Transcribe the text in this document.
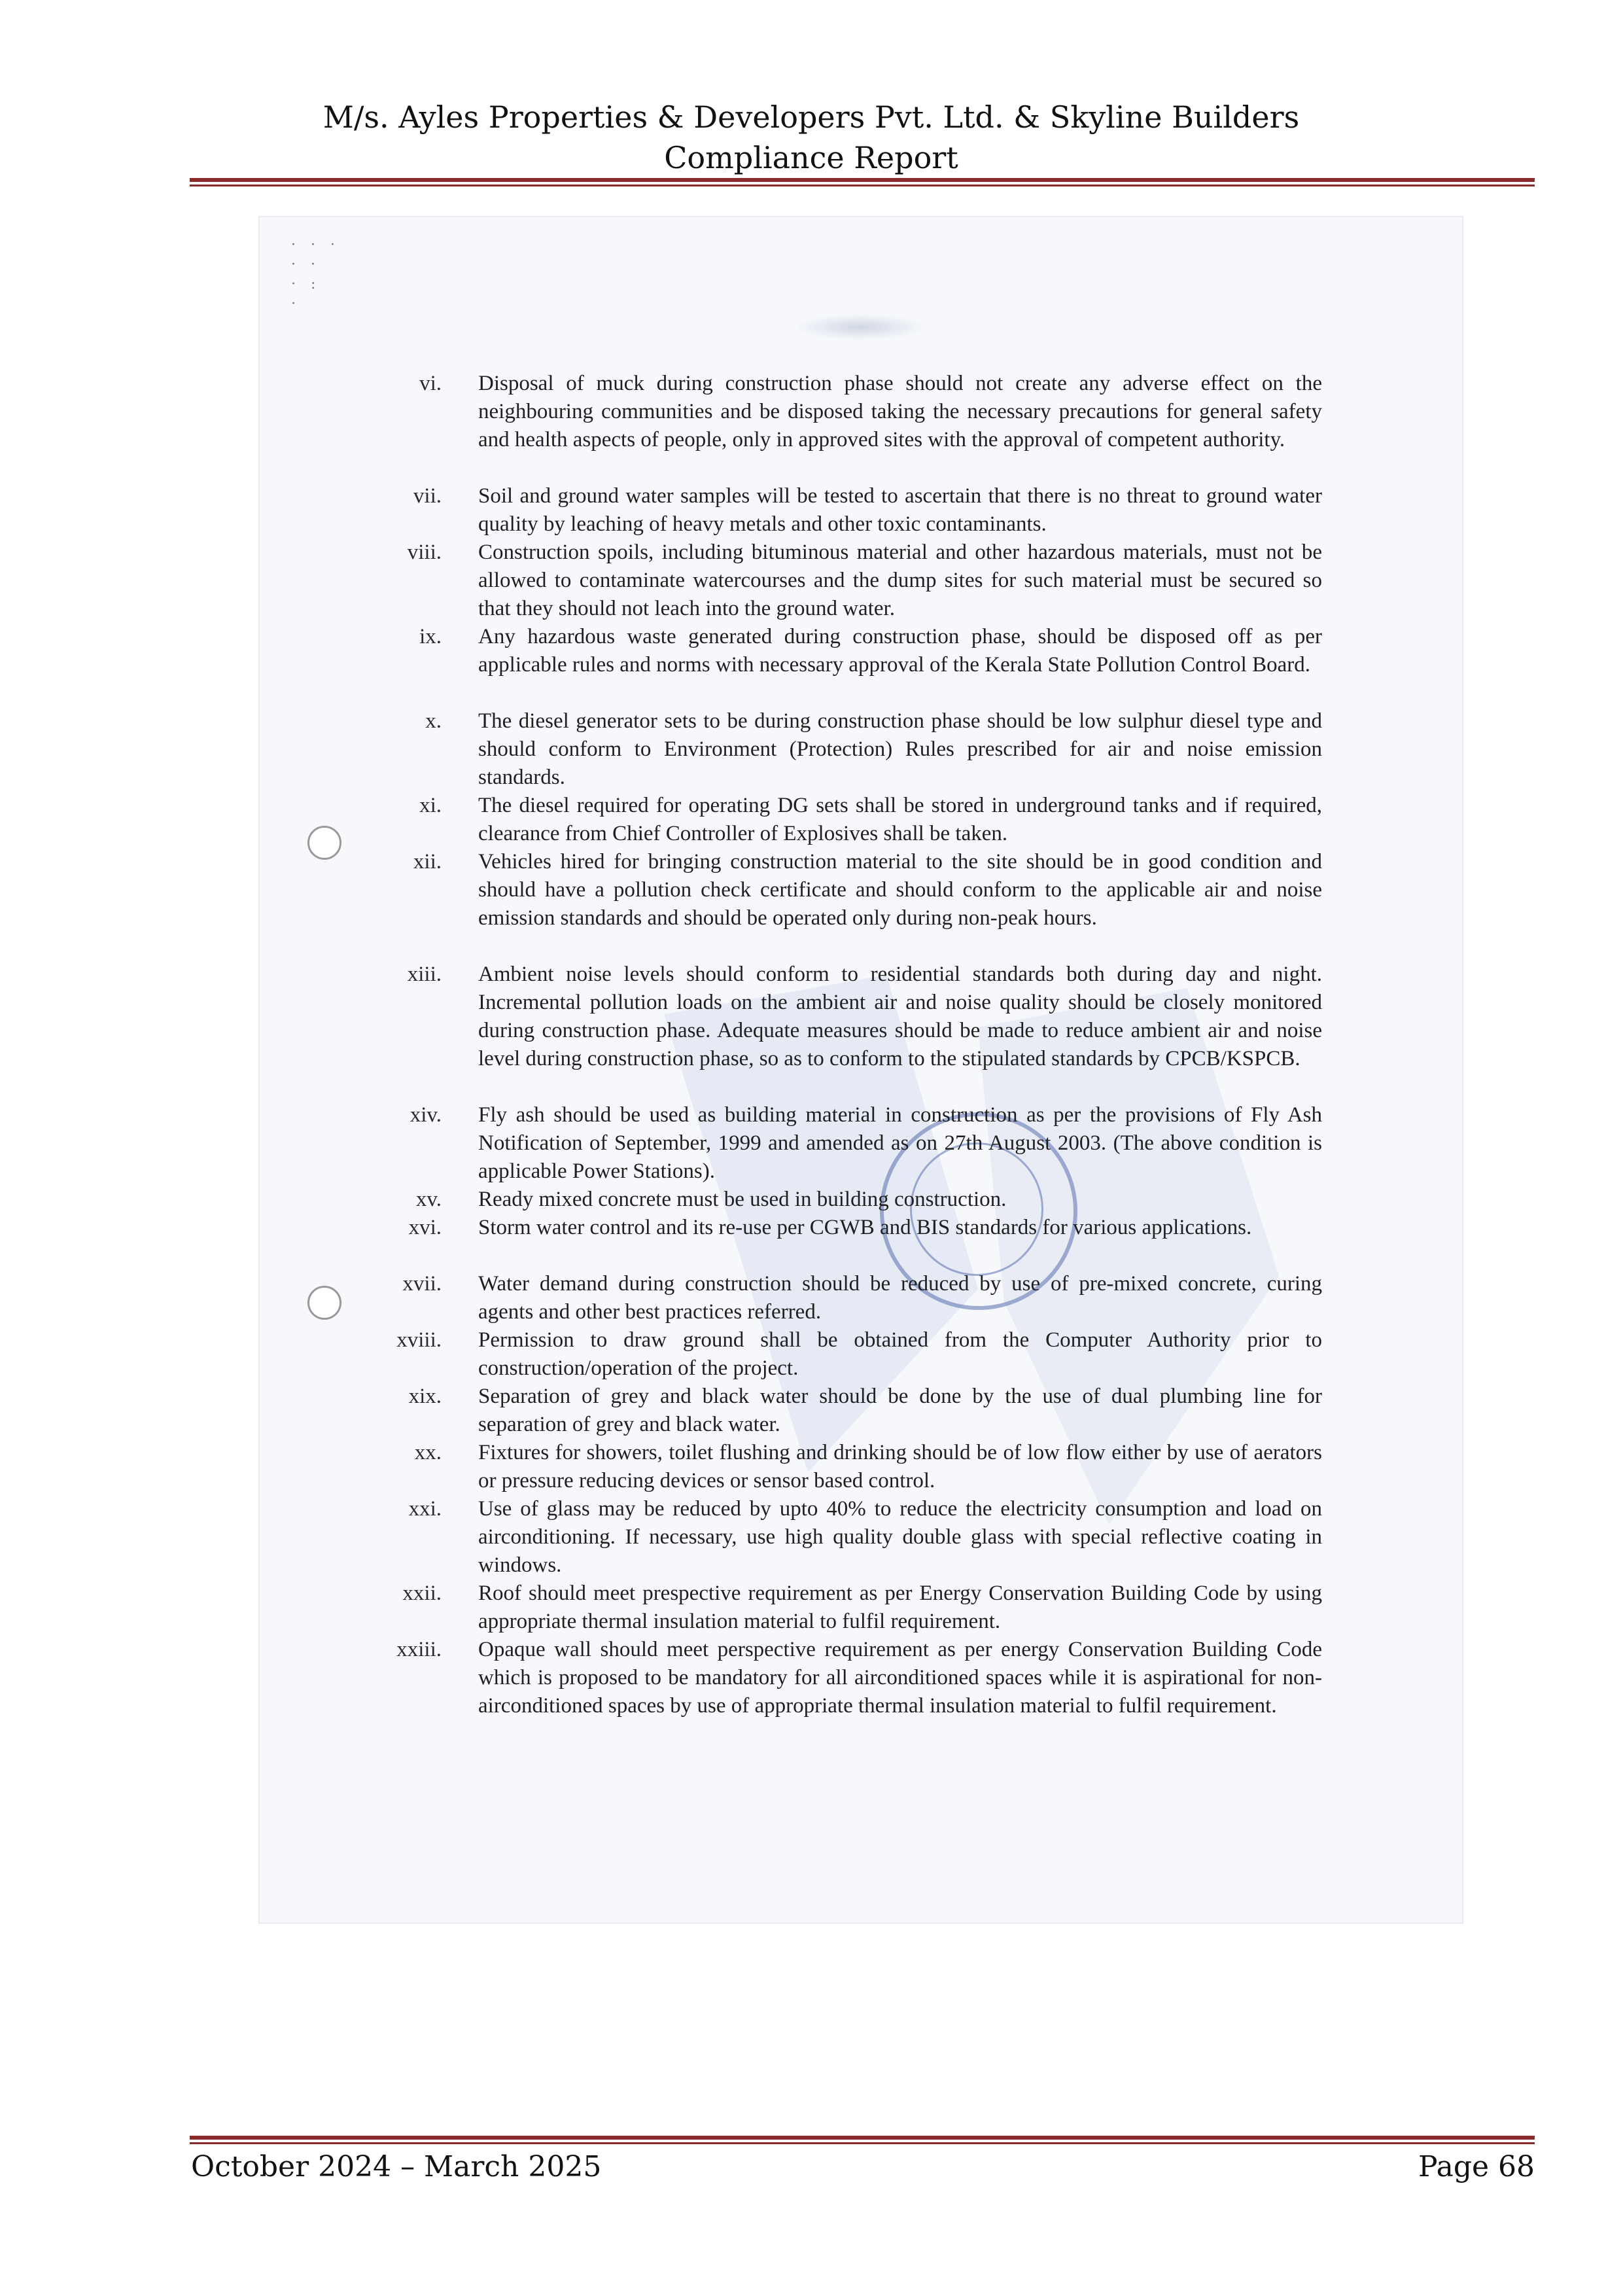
M/s. Ayles Properties & Developers Pvt. Ltd. & Skyline Builders
Compliance Report
· · ·
· ·
· :
·
vi. Disposal of muck during construction phase should not create any adverse effect on the neighbouring communities and be disposed taking the necessary precautions for general safety and health aspects of people, only in approved sites with the approval of competent authority.
vii. Soil and ground water samples will be tested to ascertain that there is no threat to ground water quality by leaching of heavy metals and other toxic contaminants.
viii. Construction spoils, including bituminous material and other hazardous materials, must not be allowed to contaminate watercourses and the dump sites for such material must be secured so that they should not leach into the ground water.
ix. Any hazardous waste generated during construction phase, should be disposed off as per applicable rules and norms with necessary approval of the Kerala State Pollution Control Board.
x. The diesel generator sets to be during construction phase should be low sulphur diesel type and should conform to Environment (Protection) Rules prescribed for air and noise emission standards.
xi. The diesel required for operating DG sets shall be stored in underground tanks and if required, clearance from Chief Controller of Explosives shall be taken.
xii. Vehicles hired for bringing construction material to the site should be in good condition and should have a pollution check certificate and should conform to the applicable air and noise emission standards and should be operated only during non-peak hours.
xiii. Ambient noise levels should conform to residential standards both during day and night. Incremental pollution loads on the ambient air and noise quality should be closely monitored during construction phase. Adequate measures should be made to reduce ambient air and noise level during construction phase, so as to conform to the stipulated standards by CPCB/KSPCB.
xiv. Fly ash should be used as building material in construction as per the provisions of Fly Ash Notification of September, 1999 and amended as on 27th August 2003. (The above condition is applicable Power Stations).
xv. Ready mixed concrete must be used in building construction.
xvi. Storm water control and its re-use per CGWB and BIS standards for various applications.
xvii. Water demand during construction should be reduced by use of pre-mixed concrete, curing agents and other best practices referred.
xviii. Permission to draw ground shall be obtained from the Computer Authority prior to construction/operation of the project.
xix. Separation of grey and black water should be done by the use of dual plumbing line for separation of grey and black water.
xx. Fixtures for showers, toilet flushing and drinking should be of low flow either by use of aerators or pressure reducing devices or sensor based control.
xxi. Use of glass may be reduced by upto 40% to reduce the electricity consumption and load on airconditioning. If necessary, use high quality double glass with special reflective coating in windows.
xxii. Roof should meet prespective requirement as per Energy Conservation Building Code by using appropriate thermal insulation material to fulfil requirement.
xxiii. Opaque wall should meet perspective requirement as per energy Conservation Building Code which is proposed to be mandatory for all airconditioned spaces while it is aspirational for non-airconditioned spaces by use of appropriate thermal insulation material to fulfil requirement.
October 2024 – March 2025	Page 68
